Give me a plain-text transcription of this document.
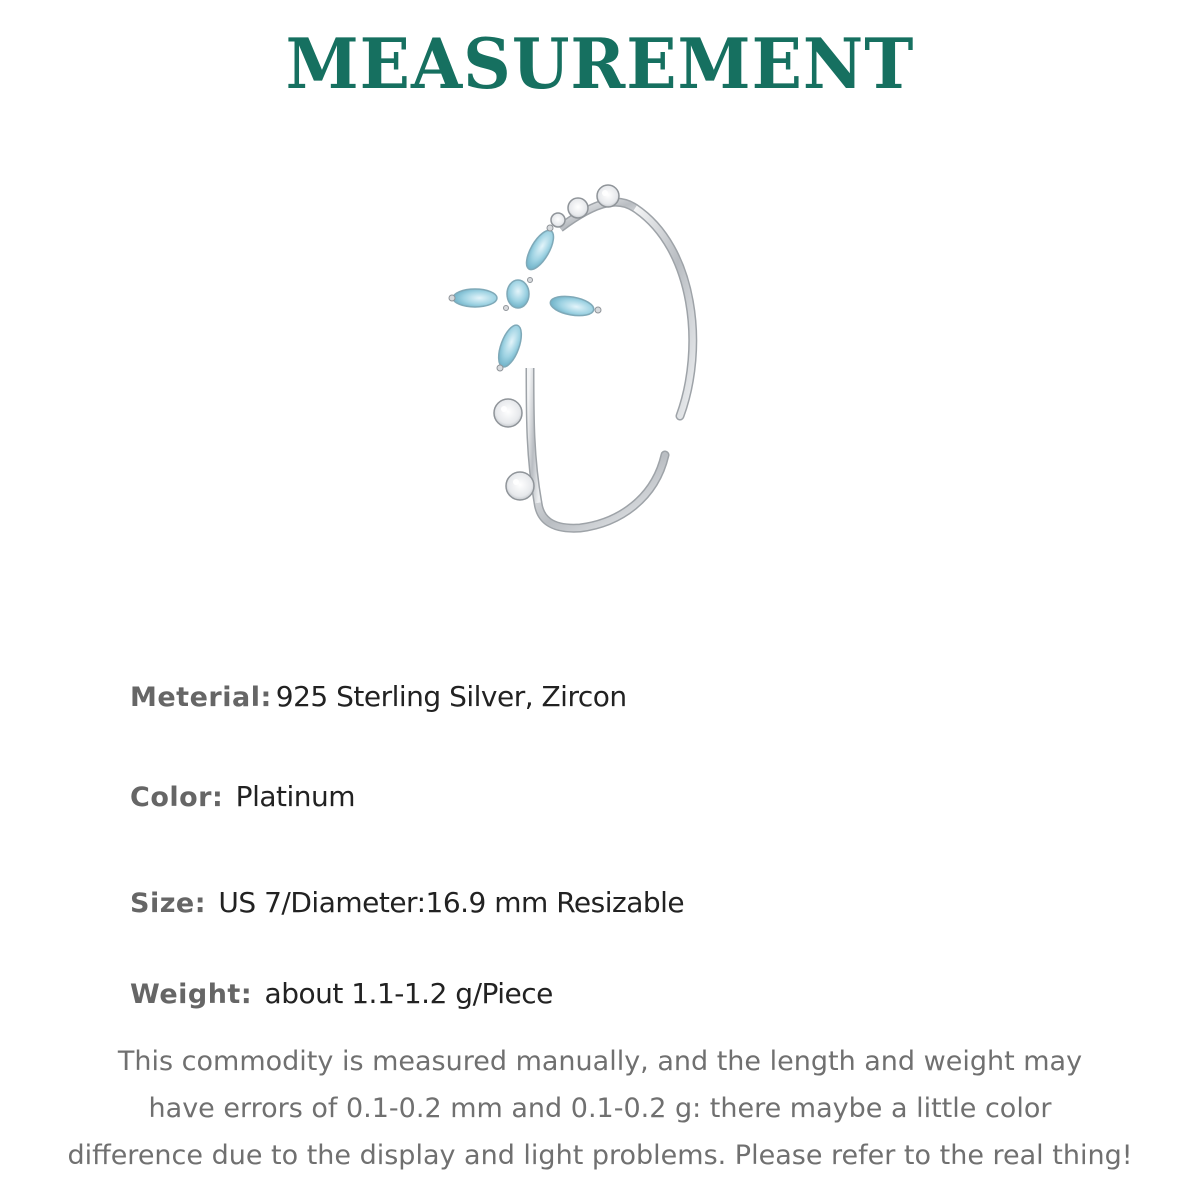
MEASUREMENT
Meterial: 925 Sterling Silver, Zircon
Color: Platinum
Size: US 7/Diameter:16.9 mm Resizable
Weight: about 1.1-1.2 g/Piece
This commodity is measured manually, and the length and weight may
have errors of 0.1-0.2 mm and 0.1-0.2 g: there maybe a little color
difference due to the display and light problems. Please refer to the real thing!
